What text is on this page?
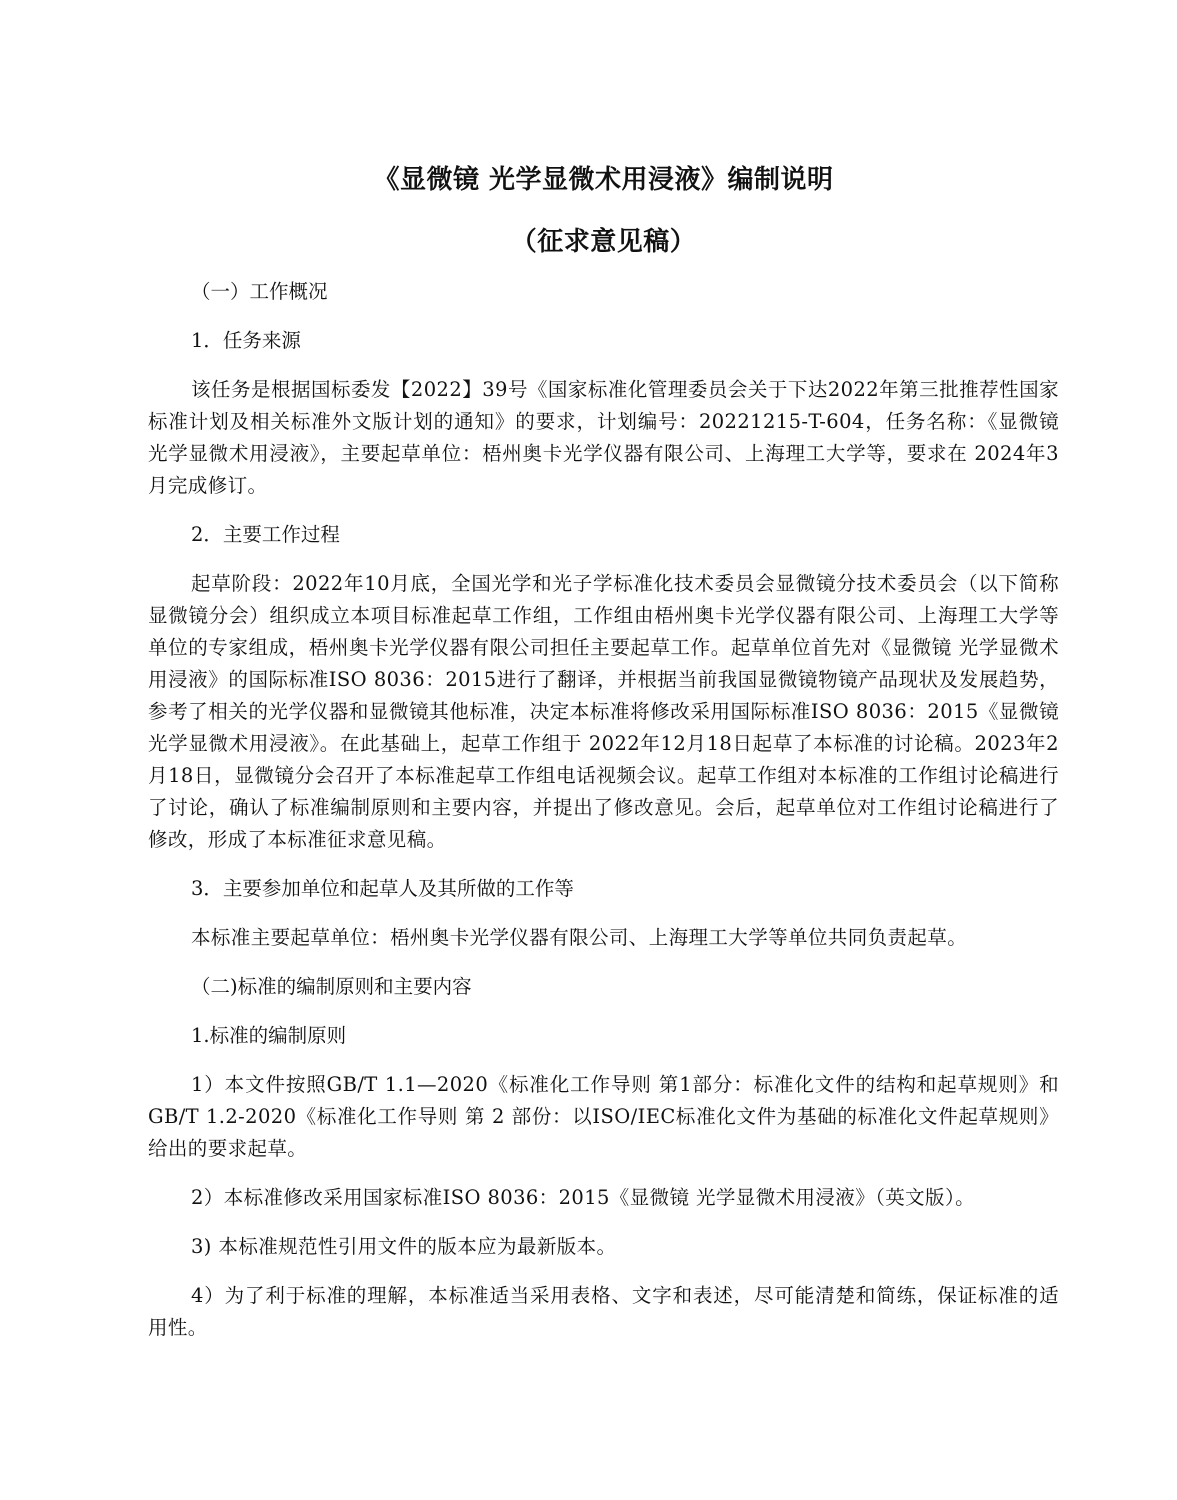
《显微镜 光学显微术用浸液》编制说明
（征求意见稿）

（一）工作概况

1．任务来源

该任务是根据国标委发【2022】39号《国家标准化管理委员会关于下达2022年第三批推荐性国家标准计划及相关标准外文版计划的通知》的要求，计划编号：20221215-T-604，任务名称：《显微镜 光学显微术用浸液》，主要起草单位：梧州奥卡光学仪器有限公司、上海理工大学等，要求在 2024年3月完成修订。

2．主要工作过程

起草阶段：2022年10月底，全国光学和光子学标准化技术委员会显微镜分技术委员会（以下简称显微镜分会）组织成立本项目标准起草工作组，工作组由梧州奥卡光学仪器有限公司、上海理工大学等单位的专家组成，梧州奥卡光学仪器有限公司担任主要起草工作。起草单位首先对《显微镜 光学显微术用浸液》的国际标准ISO 8036：2015进行了翻译，并根据当前我国显微镜物镜产品现状及发展趋势，参考了相关的光学仪器和显微镜其他标准，决定本标准将修改采用国际标准ISO 8036：2015《显微镜 光学显微术用浸液》。在此基础上，起草工作组于 2022年12月18日起草了本标准的讨论稿。2023年2月18日，显微镜分会召开了本标准起草工作组电话视频会议。起草工作组对本标准的工作组讨论稿进行了讨论，确认了标准编制原则和主要内容，并提出了修改意见。会后，起草单位对工作组讨论稿进行了修改，形成了本标准征求意见稿。

3．主要参加单位和起草人及其所做的工作等

本标准主要起草单位：梧州奥卡光学仪器有限公司、上海理工大学等单位共同负责起草。

（二)标准的编制原则和主要内容

1.标准的编制原则

1）本文件按照GB/T 1.1—2020《标准化工作导则 第1部分：标准化文件的结构和起草规则》和GB/T 1.2-2020《标准化工作导则 第 2 部份：以ISO/IEC标准化文件为基础的标准化文件起草规则》给出的要求起草。

2）本标准修改采用国家标准ISO 8036：2015《显微镜 光学显微术用浸液》（英文版）。

3) 本标准规范性引用文件的版本应为最新版本。

4）为了利于标准的理解，本标准适当采用表格、文字和表述，尽可能清楚和简练，保证标准的适用性。
